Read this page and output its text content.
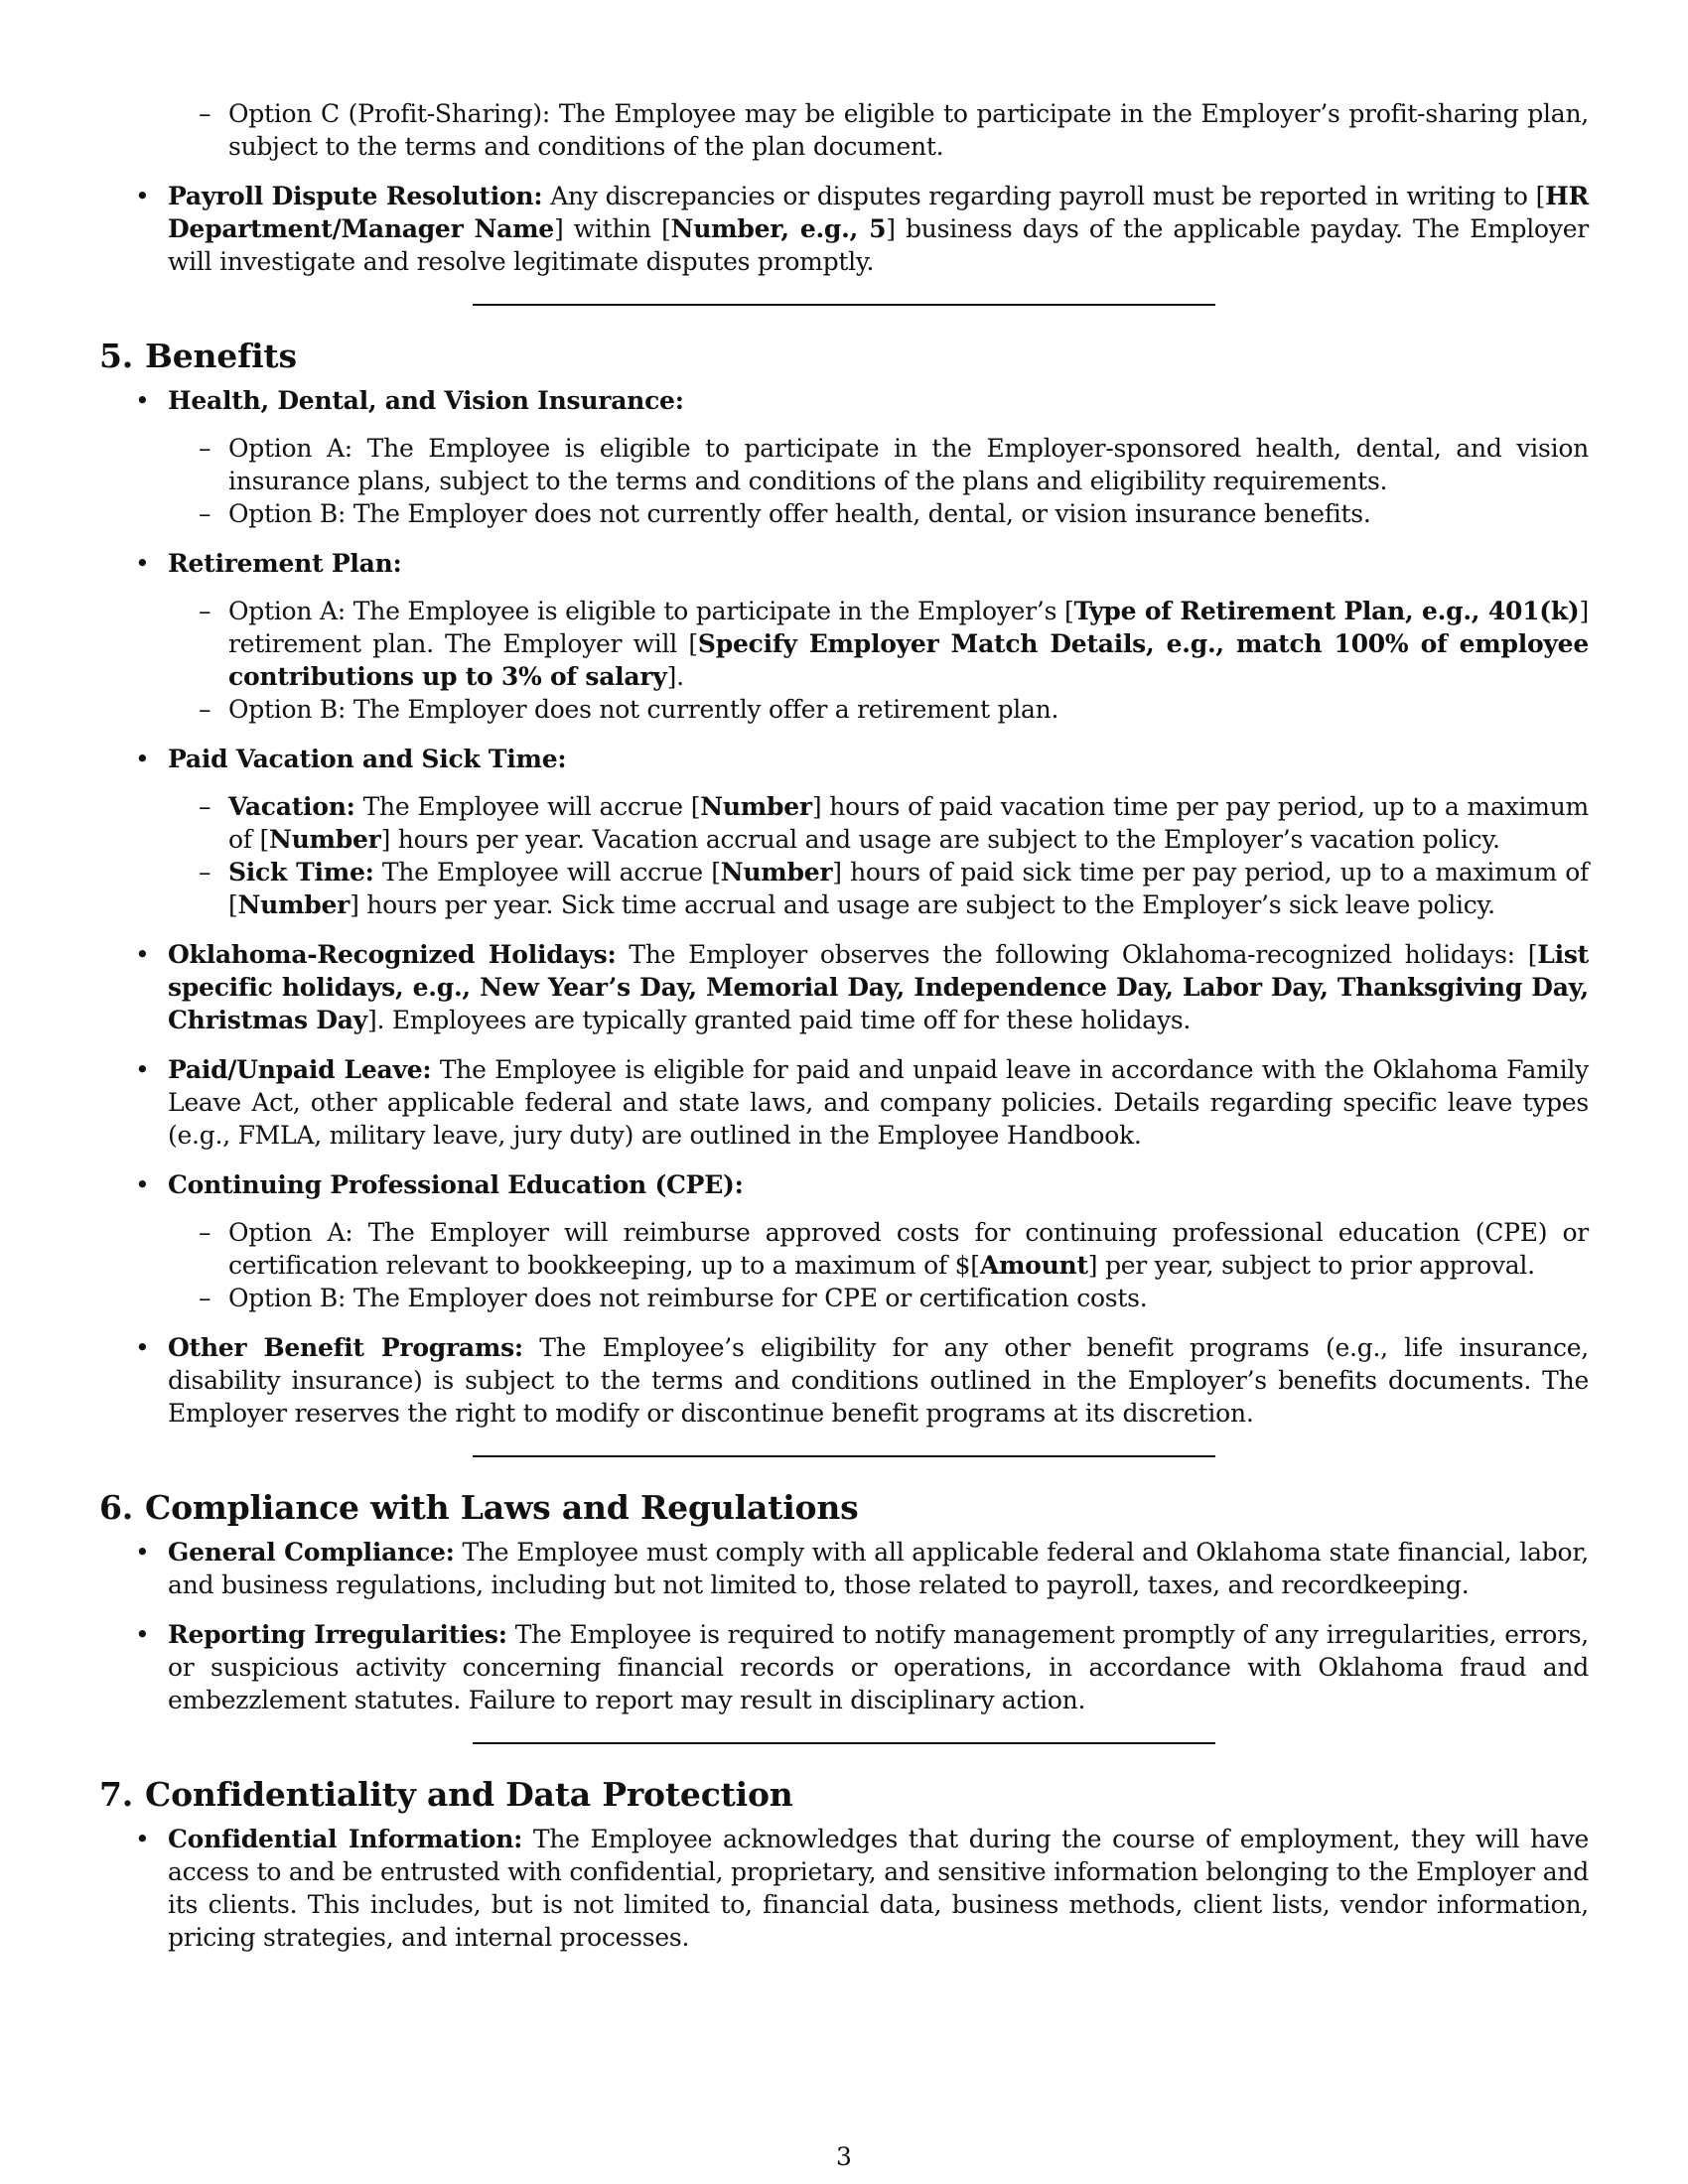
– Option C (Profit-Sharing): The Employee may be eligible to participate in the Employer’s profit-sharing plan, subject to the terms and conditions of the plan document.

• Payroll Dispute Resolution: Any discrepancies or disputes regarding payroll must be reported in writing to [HR Department/Manager Name] within [Number, e.g., 5] business days of the applicable payday. The Employer will investigate and resolve legitimate disputes promptly.

5. Benefits

• Health, Dental, and Vision Insurance:

– Option A: The Employee is eligible to participate in the Employer-sponsored health, dental, and vision insurance plans, subject to the terms and conditions of the plans and eligibility requirements.

– Option B: The Employer does not currently offer health, dental, or vision insurance benefits.

• Retirement Plan:

– Option A: The Employee is eligible to participate in the Employer’s [Type of Retirement Plan, e.g., 401(k)] retirement plan. The Employer will [Specify Employer Match Details, e.g., match 100% of employee contributions up to 3% of salary].

– Option B: The Employer does not currently offer a retirement plan.

• Paid Vacation and Sick Time:

– Vacation: The Employee will accrue [Number] hours of paid vacation time per pay period, up to a maximum of [Number] hours per year. Vacation accrual and usage are subject to the Employer’s vacation policy.

– Sick Time: The Employee will accrue [Number] hours of paid sick time per pay period, up to a maximum of [Number] hours per year. Sick time accrual and usage are subject to the Employer’s sick leave policy.

• Oklahoma-Recognized Holidays: The Employer observes the following Oklahoma-recognized holidays: [List specific holidays, e.g., New Year’s Day, Memorial Day, Independence Day, Labor Day, Thanksgiving Day, Christmas Day]. Employees are typically granted paid time off for these holidays.

• Paid/Unpaid Leave: The Employee is eligible for paid and unpaid leave in accordance with the Oklahoma Family Leave Act, other applicable federal and state laws, and company policies. Details regarding specific leave types (e.g., FMLA, military leave, jury duty) are outlined in the Employee Handbook.

• Continuing Professional Education (CPE):

– Option A: The Employer will reimburse approved costs for continuing professional education (CPE) or certification relevant to bookkeeping, up to a maximum of $[Amount] per year, subject to prior approval.

– Option B: The Employer does not reimburse for CPE or certification costs.

• Other Benefit Programs: The Employee’s eligibility for any other benefit programs (e.g., life insurance, disability insurance) is subject to the terms and conditions outlined in the Employer’s benefits documents. The Employer reserves the right to modify or discontinue benefit programs at its discretion.

6. Compliance with Laws and Regulations

• General Compliance: The Employee must comply with all applicable federal and Oklahoma state financial, labor, and business regulations, including but not limited to, those related to payroll, taxes, and recordkeeping.

• Reporting Irregularities: The Employee is required to notify management promptly of any irregularities, errors, or suspicious activity concerning financial records or operations, in accordance with Oklahoma fraud and embezzlement statutes. Failure to report may result in disciplinary action.

7. Confidentiality and Data Protection

• Confidential Information: The Employee acknowledges that during the course of employment, they will have access to and be entrusted with confidential, proprietary, and sensitive information belonging to the Employer and its clients. This includes, but is not limited to, financial data, business methods, client lists, vendor information, pricing strategies, and internal processes.

3
